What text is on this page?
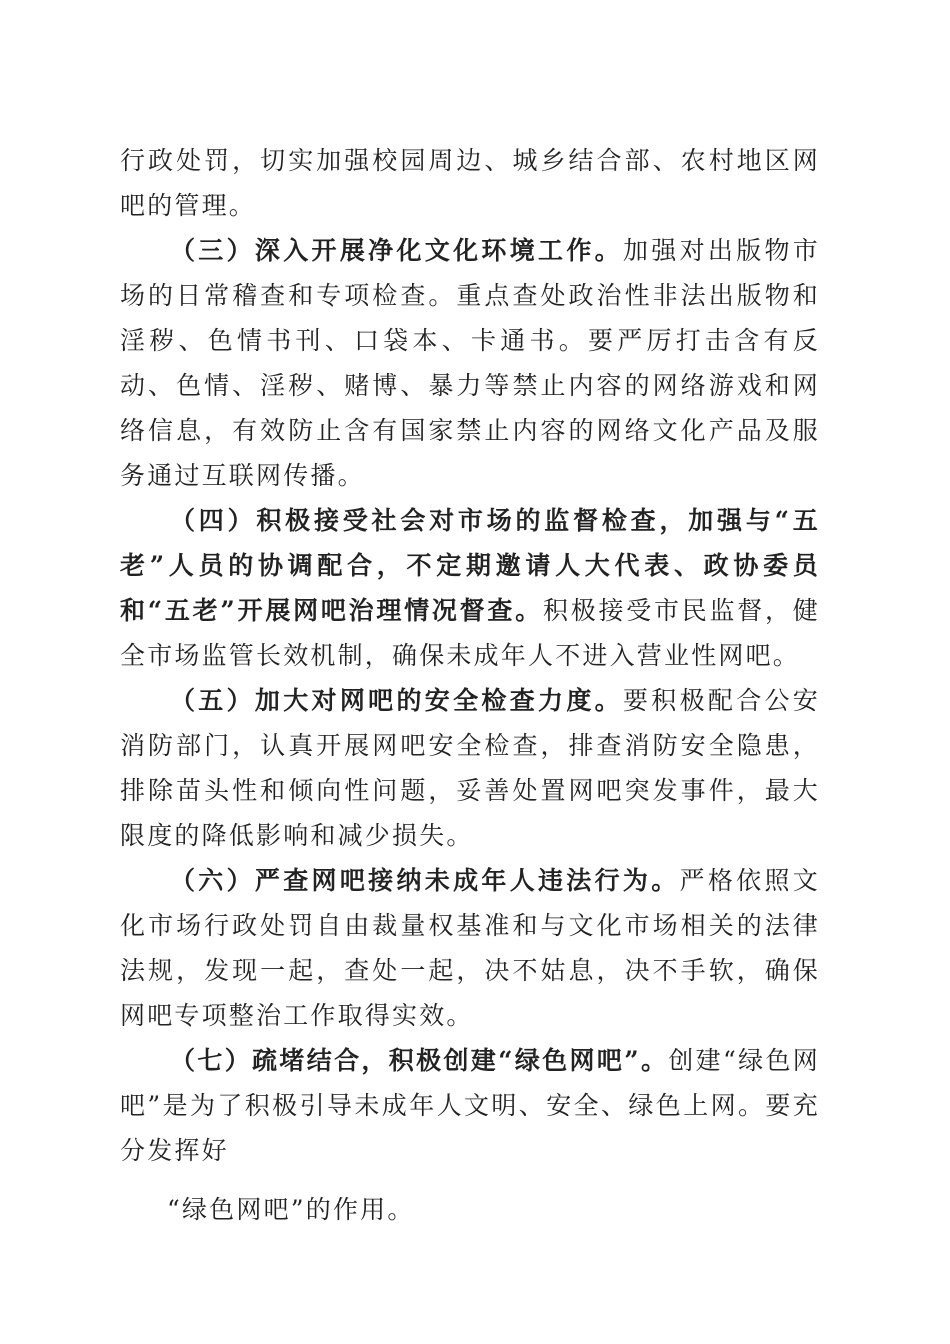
行政处罚，切实加强校园周边、城乡结合部、农村地区网吧的管理。

（三）深入开展净化文化环境工作。加强对出版物市场的日常稽查和专项检查。重点查处政治性非法出版物和淫秽、色情书刊、口袋本、卡通书。要严厉打击含有反动、色情、淫秽、赌博、暴力等禁止内容的网络游戏和网络信息，有效防止含有国家禁止内容的网络文化产品及服务通过互联网传播。

（四）积极接受社会对市场的监督检查，加强与“五老”人员的协调配合，不定期邀请人大代表、政协委员和“五老”开展网吧治理情况督查。积极接受市民监督，健全市场监管长效机制，确保未成年人不进入营业性网吧。

（五）加大对网吧的安全检查力度。要积极配合公安消防部门，认真开展网吧安全检查，排查消防安全隐患，排除苗头性和倾向性问题，妥善处置网吧突发事件，最大限度的降低影响和减少损失。

（六）严查网吧接纳未成年人违法行为。严格依照文化市场行政处罚自由裁量权基准和与文化市场相关的法律法规，发现一起，查处一起，决不姑息，决不手软，确保网吧专项整治工作取得实效。

（七）疏堵结合，积极创建“绿色网吧”。创建“绿色网吧”是为了积极引导未成年人文明、安全、绿色上网。要充分发挥好

“绿色网吧”的作用。
